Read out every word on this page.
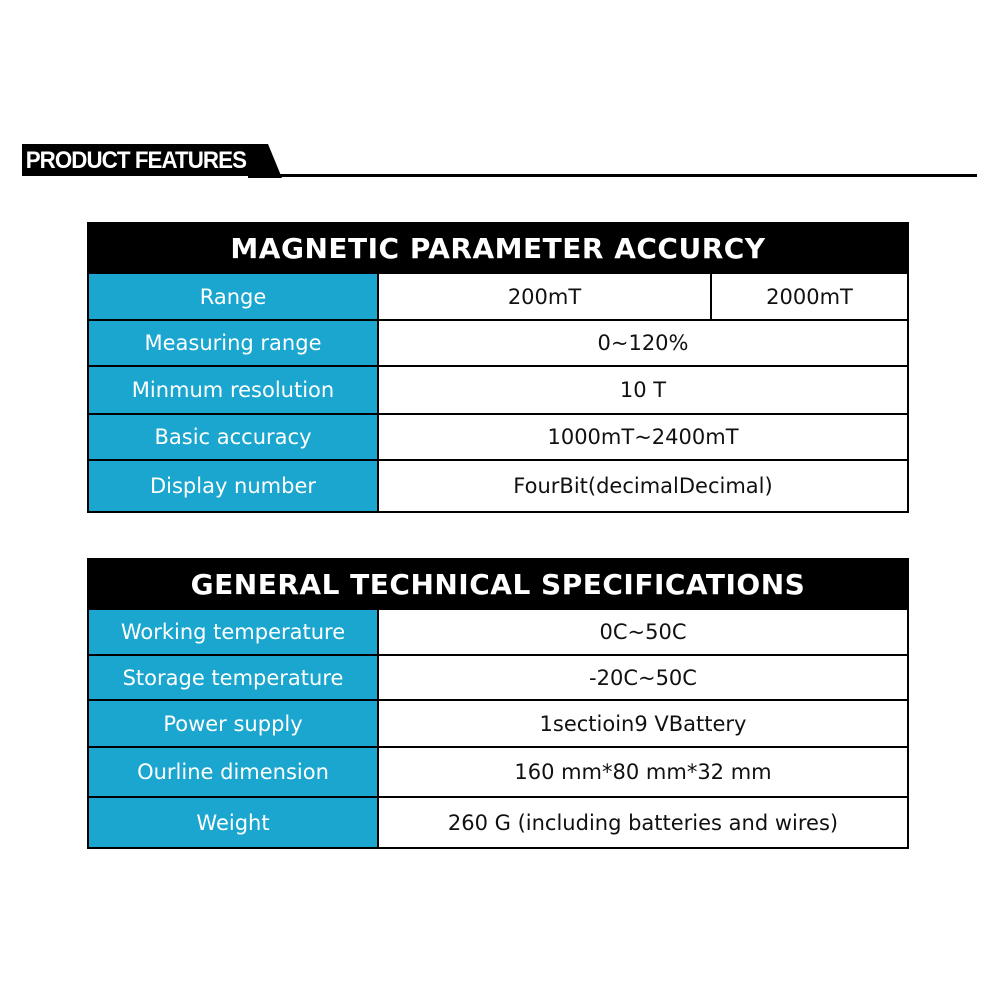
PRODUCT FEATURES
MAGNETIC PARAMETER ACCURCY		
Range	200mT	2000mT
Measuring range	0~120%	
Minmum resolution	10 T	
Basic accuracy	1000mT~2400mT	
Display number	FourBit(decimalDecimal)	
GENERAL TECHNICAL SPECIFICATIONS	
Working temperature	0C~50C
Storage temperature	-20C~50C
Power supply	1sectioin9 VBattery
Ourline dimension	160 mm*80 mm*32 mm
Weight	260 G (including batteries and wires)
